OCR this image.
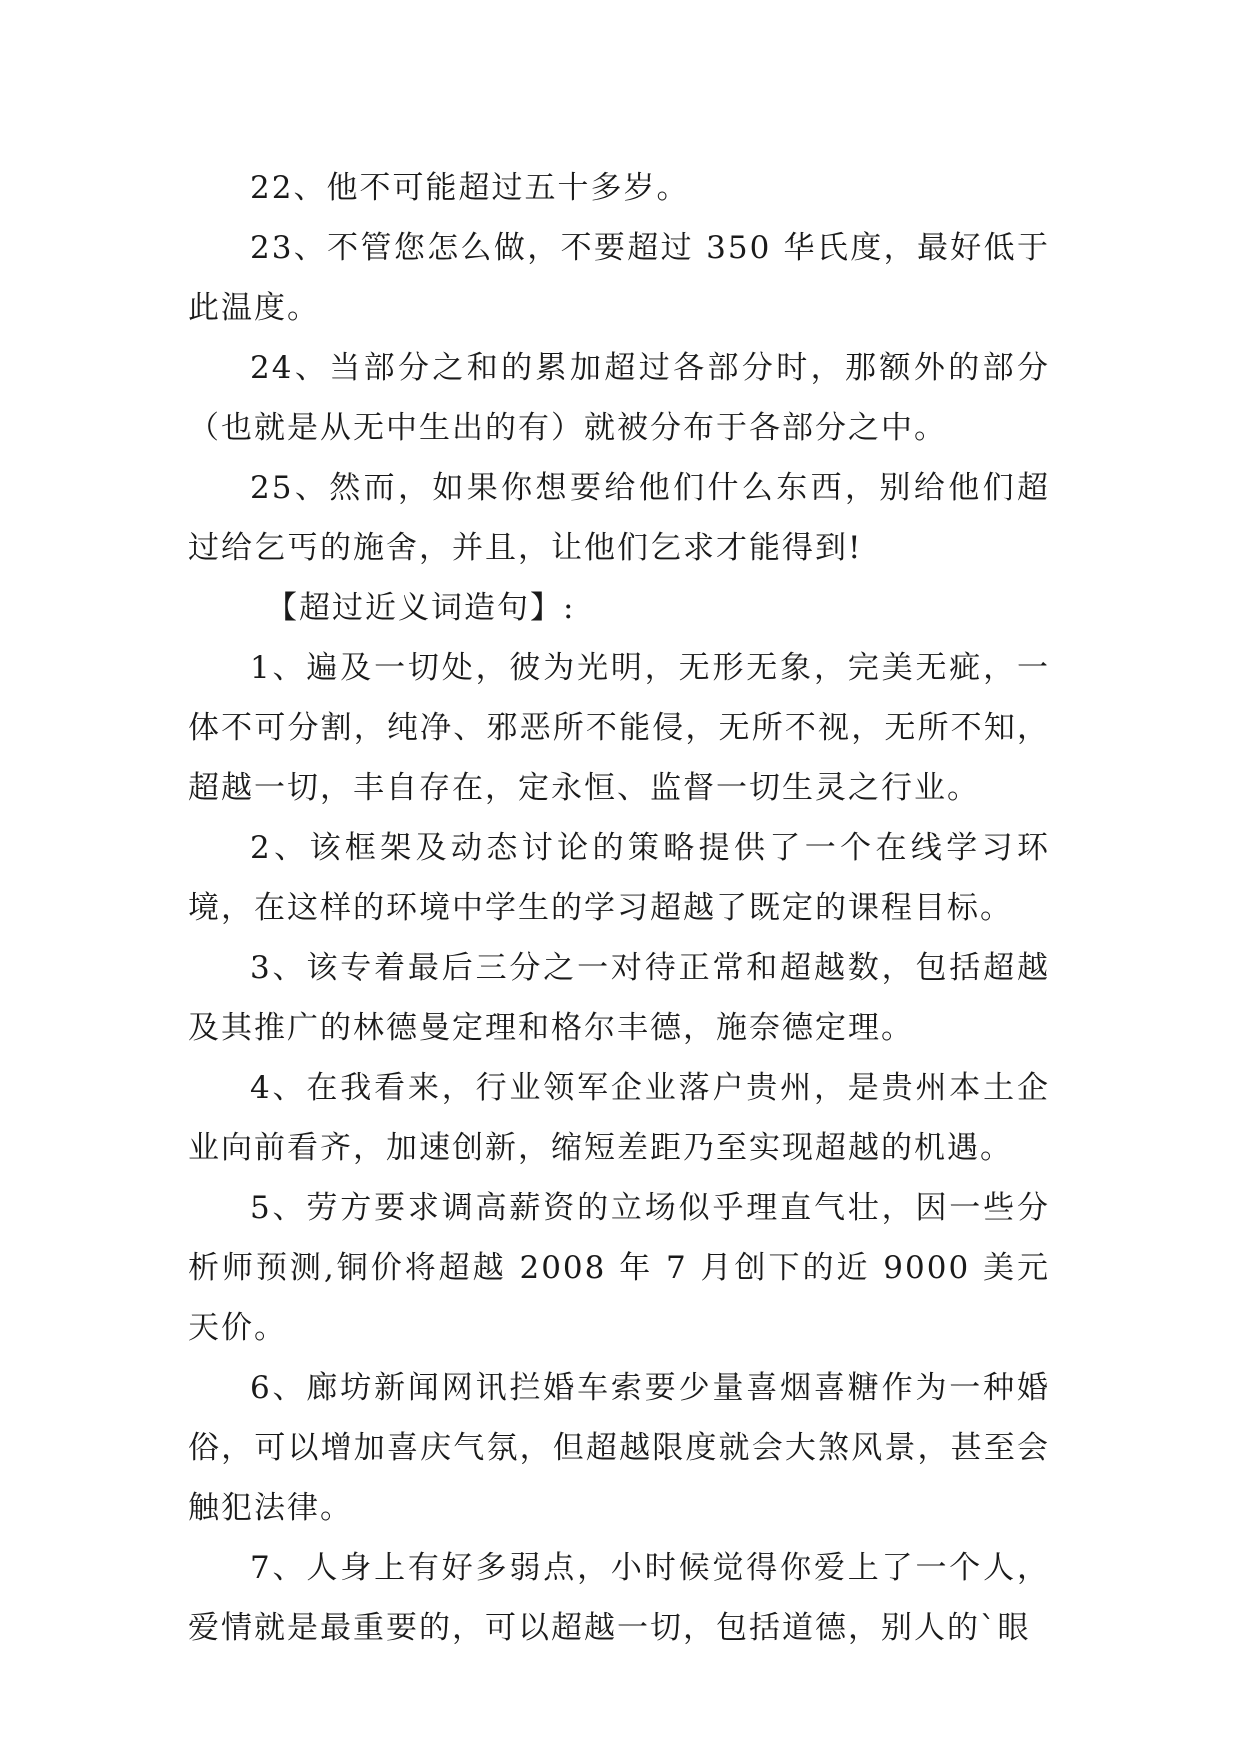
22、他不可能超过五十多岁。

23、不管您怎么做，不要超过 350 华氏度，最好低于此温度。

24、当部分之和的累加超过各部分时，那额外的部分（也就是从无中生出的有）就被分布于各部分之中。

25、然而，如果你想要给他们什么东西，别给他们超过给乞丐的施舍，并且，让他们乞求才能得到!

【超过近义词造句】:

1、遍及一切处，彼为光明，无形无象，完美无疵，一体不可分割，纯净、邪恶所不能侵，无所不视，无所不知，超越一切，丰自存在，定永恒、监督一切生灵之行业。

2、该框架及动态讨论的策略提供了一个在线学习环境，在这样的环境中学生的学习超越了既定的课程目标。

3、该专着最后三分之一对待正常和超越数，包括超越及其推广的林德曼定理和格尔丰德，施奈德定理。

4、在我看来，行业领军企业落户贵州，是贵州本土企业向前看齐，加速创新，缩短差距乃至实现超越的机遇。

5、劳方要求调高薪资的立场似乎理直气壮，因一些分析师预测,铜价将超越 2008 年 7 月创下的近 9000 美元天价。

6、廊坊新闻网讯拦婚车索要少量喜烟喜糖作为一种婚俗，可以增加喜庆气氛，但超越限度就会大煞风景，甚至会触犯法律。

7、人身上有好多弱点，小时候觉得你爱上了一个人，爱情就是最重要的，可以超越一切，包括道德，别人的`眼
